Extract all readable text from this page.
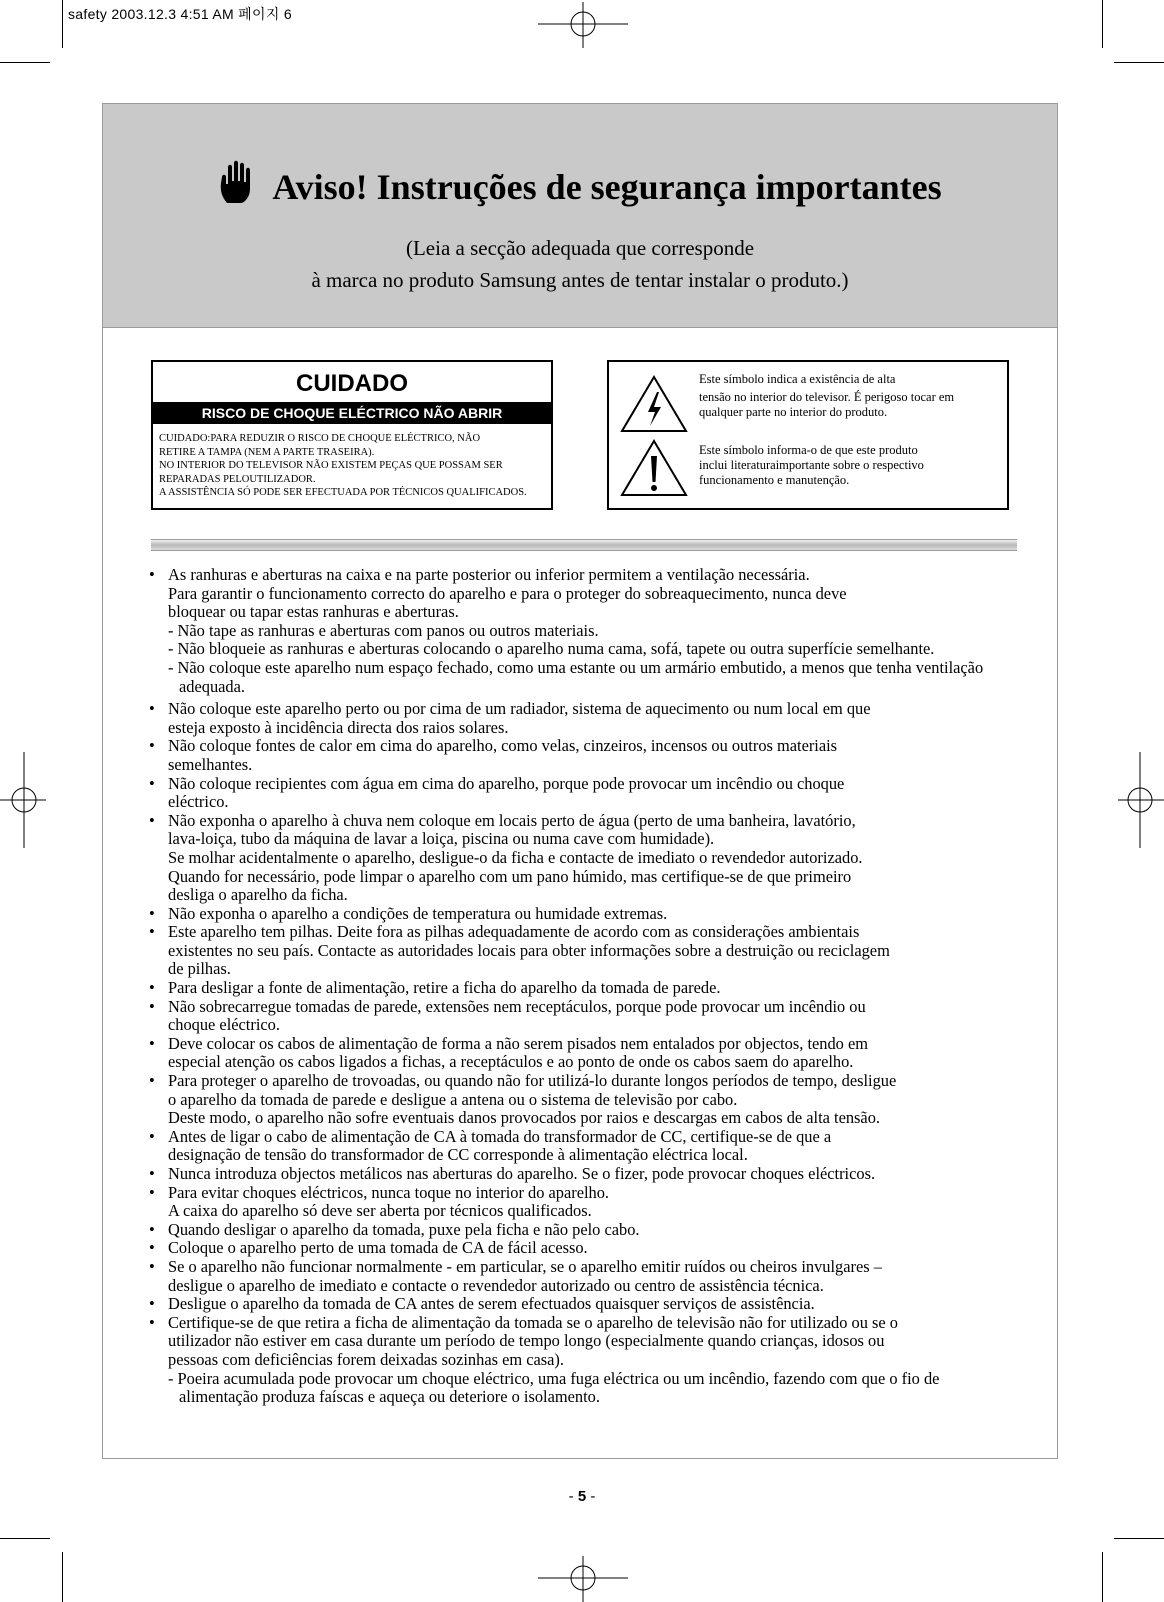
safety 2003.12.3 4:51 AM 페이지 6
Aviso! Instruções de segurança importantes
(Leia a secção adequada que corresponde
à marca no produto Samsung antes de tentar instalar o produto.)
CUIDADO
RISCO DE CHOQUE ELÉCTRICO NÃO ABRIR
CUIDADO:PARA REDUZIR O RISCO DE CHOQUE ELÉCTRICO, NÃO
RETIRE A TAMPA (NEM A PARTE TRASEIRA).
NO INTERIOR DO TELEVISOR NÃO EXISTEM PEÇAS QUE POSSAM SER
REPARADAS PELOUTILIZADOR.
A ASSISTÊNCIA SÓ PODE SER EFECTUADA POR TÉCNICOS QUALIFICADOS.
Este símbolo indica a existência de alta
tensão no interior do televisor. É perigoso tocar em
qualquer parte no interior do produto.
Este símbolo informa-o de que este produto
inclui literaturaimportante sobre o respectivo
funcionamento e manutenção.
• As ranhuras e aberturas na caixa e na parte posterior ou inferior permitem a ventilação necessária.
Para garantir o funcionamento correcto do aparelho e para o proteger do sobreaquecimento, nunca deve
bloquear ou tapar estas ranhuras e aberturas.
- Não tape as ranhuras e aberturas com panos ou outros materiais.
- Não bloqueie as ranhuras e aberturas colocando o aparelho numa cama, sofá, tapete ou outra superfície semelhante.
- Não coloque este aparelho num espaço fechado, como uma estante ou um armário embutido, a menos que tenha ventilação adequada.
• Não coloque este aparelho perto ou por cima de um radiador, sistema de aquecimento ou num local em que
esteja exposto à incidência directa dos raios solares.
• Não coloque fontes de calor em cima do aparelho, como velas, cinzeiros, incensos ou outros materiais
semelhantes.
• Não coloque recipientes com água em cima do aparelho, porque pode provocar um incêndio ou choque
eléctrico.
• Não exponha o aparelho à chuva nem coloque em locais perto de água (perto de uma banheira, lavatório,
lava-loiça, tubo da máquina de lavar a loiça, piscina ou numa cave com humidade).
Se molhar acidentalmente o aparelho, desligue-o da ficha e contacte de imediato o revendedor autorizado.
Quando for necessário, pode limpar o aparelho com um pano húmido, mas certifique-se de que primeiro
desliga o aparelho da ficha.
• Não exponha o aparelho a condições de temperatura ou humidade extremas.
• Este aparelho tem pilhas. Deite fora as pilhas adequadamente de acordo com as considerações ambientais
existentes no seu país. Contacte as autoridades locais para obter informações sobre a destruição ou reciclagem
de pilhas.
• Para desligar a fonte de alimentação, retire a ficha do aparelho da tomada de parede.
• Não sobrecarregue tomadas de parede, extensões nem receptáculos, porque pode provocar um incêndio ou
choque eléctrico.
• Deve colocar os cabos de alimentação de forma a não serem pisados nem entalados por objectos, tendo em
especial atenção os cabos ligados a fichas, a receptáculos e ao ponto de onde os cabos saem do aparelho.
• Para proteger o aparelho de trovoadas, ou quando não for utilizá-lo durante longos períodos de tempo, desligue
o aparelho da tomada de parede e desligue a antena ou o sistema de televisão por cabo.
Deste modo, o aparelho não sofre eventuais danos provocados por raios e descargas em cabos de alta tensão.
• Antes de ligar o cabo de alimentação de CA à tomada do transformador de CC, certifique-se de que a
designação de tensão do transformador de CC corresponde à alimentação eléctrica local.
• Nunca introduza objectos metálicos nas aberturas do aparelho. Se o fizer, pode provocar choques eléctricos.
• Para evitar choques eléctricos, nunca toque no interior do aparelho.
A caixa do aparelho só deve ser aberta por técnicos qualificados.
• Quando desligar o aparelho da tomada, puxe pela ficha e não pelo cabo.
• Coloque o aparelho perto de uma tomada de CA de fácil acesso.
• Se o aparelho não funcionar normalmente - em particular, se o aparelho emitir ruídos ou cheiros invulgares –
desligue o aparelho de imediato e contacte o revendedor autorizado ou centro de assistência técnica.
• Desligue o aparelho da tomada de CA antes de serem efectuados quaisquer serviços de assistência.
• Certifique-se de que retira a ficha de alimentação da tomada se o aparelho de televisão não for utilizado ou se o
utilizador não estiver em casa durante um período de tempo longo (especialmente quando crianças, idosos ou
pessoas com deficiências forem deixadas sozinhas em casa).
- Poeira acumulada pode provocar um choque eléctrico, uma fuga eléctrica ou um incêndio, fazendo com que o fio de alimentação produza faíscas e aqueça ou deteriore o isolamento.
- 5 -
